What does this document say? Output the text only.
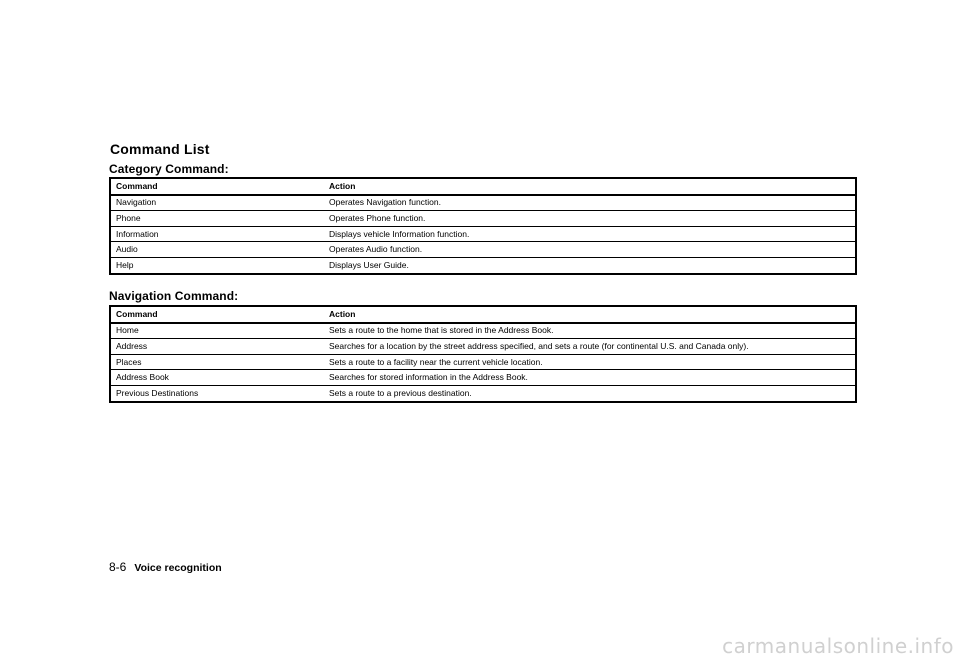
Command List
Category Command:
Command	Action
Navigation	Operates Navigation function.
Phone	Operates Phone function.
Information	Displays vehicle Information function.
Audio	Operates Audio function.
Help	Displays User Guide.
Navigation Command:
Command	Action
Home	Sets a route to the home that is stored in the Address Book.
Address	Searches for a location by the street address specified, and sets a route (for continental U.S. and Canada only).
Places	Sets a route to a facility near the current vehicle location.
Address Book	Searches for stored information in the Address Book.
Previous Destinations	Sets a route to a previous destination.
8-6 Voice recognition
carmanualsonline.info
